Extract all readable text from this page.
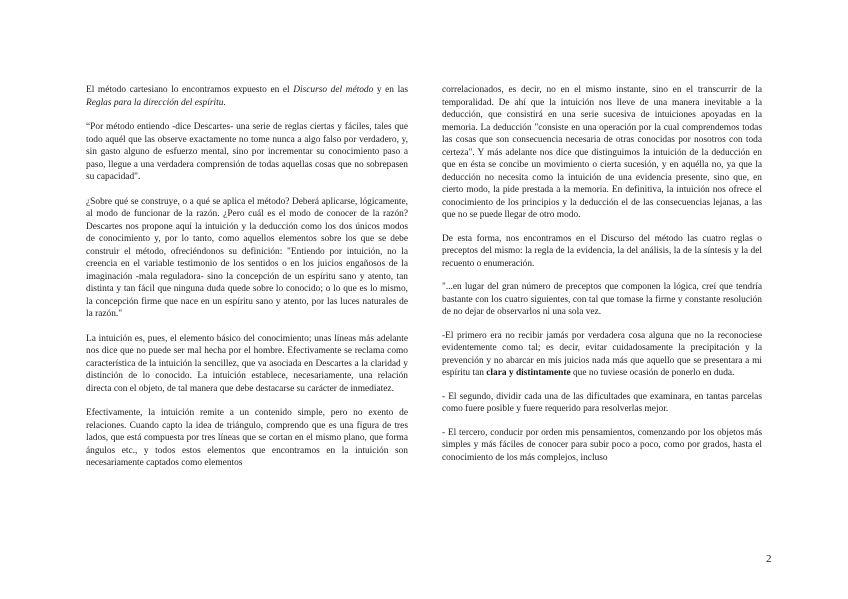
El método cartesiano lo encontramos expuesto en el Discurso del método y en las Reglas para la dirección del espíritu.

“Por método entiendo -dice Descartes- una serie de reglas ciertas y fáciles, tales que todo aquél que las observe exactamente no tome nunca a algo falso por verdadero, y, sin gasto alguno de esfuerzo mental, sino por incrementar su conocimiento paso a paso, llegue a una verdadera comprensión de todas aquellas cosas que no sobrepasen su capacidad".

¿Sobre qué se construye, o a qué se aplica el método? Deberá aplicarse, lógicamente, al modo de funcionar de la razón. ¿Pero cuál es el modo de conocer de la razón? Descartes nos propone aquí la intuición y la deducción como los dos únicos modos de conocimiento y, por lo tanto, como aquellos elementos sobre los que se debe construir el método, ofreciéndonos su definición: "Entiendo por intuición, no la creencia en el variable testimonio de los sentidos o en los juicios engañosos de la imaginación -mala reguladora- sino la concepción de un espíritu sano y atento, tan distinta y tan fácil que ninguna duda quede sobre lo conocido; o lo que es lo mismo, la concepción firme que nace en un espíritu sano y atento, por las luces naturales de la razón."

La intuición es, pues, el elemento básico del conocimiento; unas líneas más adelante nos dice que no puede ser mal hecha por el hombre. Efectivamente se reclama como característica de la intuición la sencillez, que va asociada en Descartes a la claridad y distinción de lo conocido. La intuición establece, necesariamente, una relación directa con el objeto, de tal manera que debe destacarse su carácter de inmediatez.

Efectivamente, la intuición remite a un contenido simple, pero no exento de relaciones. Cuando capto la idea de triángulo, comprendo que es una figura de tres lados, que está compuesta por tres líneas que se cortan en el mismo plano, que forma ángulos etc., y todos estos elementos que encontramos en la intuición son necesariamente captados como elementos

correlacionados, es decir, no en el mismo instante, sino en el transcurrir de la temporalidad. De ahí que la intuición nos lleve de una manera inevitable a la deducción, que consistirá en una serie sucesiva de intuiciones apoyadas en la memoria. La deducción "consiste en una operación por la cual comprendemos todas las cosas que son consecuencia necesaria de otras conocidas por nosotros con toda certeza". Y más adelante nos dice que distinguimos la intuición de la deducción en que en ésta se concibe un movimiento o cierta sucesión, y en aquélla no, ya que la deducción no necesita como la intuición de una evidencia presente, sino que, en cierto modo, la pide prestada a la memoria. En definitiva, la intuición nos ofrece el conocimiento de los principios y la deducción el de las consecuencias lejanas, a las que no se puede llegar de otro modo.

De esta forma, nos encontramos en el Discurso del método las cuatro reglas o preceptos del mismo: la regla de la evidencia, la del análisis, la de la síntesis y la del recuento o enumeración.

"...en lugar del gran número de preceptos que componen la lógica, creí que tendría bastante con los cuatro siguientes, con tal que tomase la firme y constante resolución de no dejar de observarlos ni una sola vez.

-El primero era no recibir jamás por verdadera cosa alguna que no la reconociese evidentemente como tal; es decir, evitar cuidadosamente la precipitación y la prevención y no abarcar en mis juicios nada más que aquello que se presentara a mi espíritu tan clara y distintamente que no tuviese ocasión de ponerlo en duda.

- El segundo, dividir cada una de las dificultades que examinara, en tantas parcelas como fuere posible y fuere requerido para resolverlas mejor.

- El tercero, conducir por orden mis pensamientos, comenzando por los objetos más simples y más fáciles de conocer para subir poco a poco, como por grados, hasta el conocimiento de los más complejos, incluso

2
